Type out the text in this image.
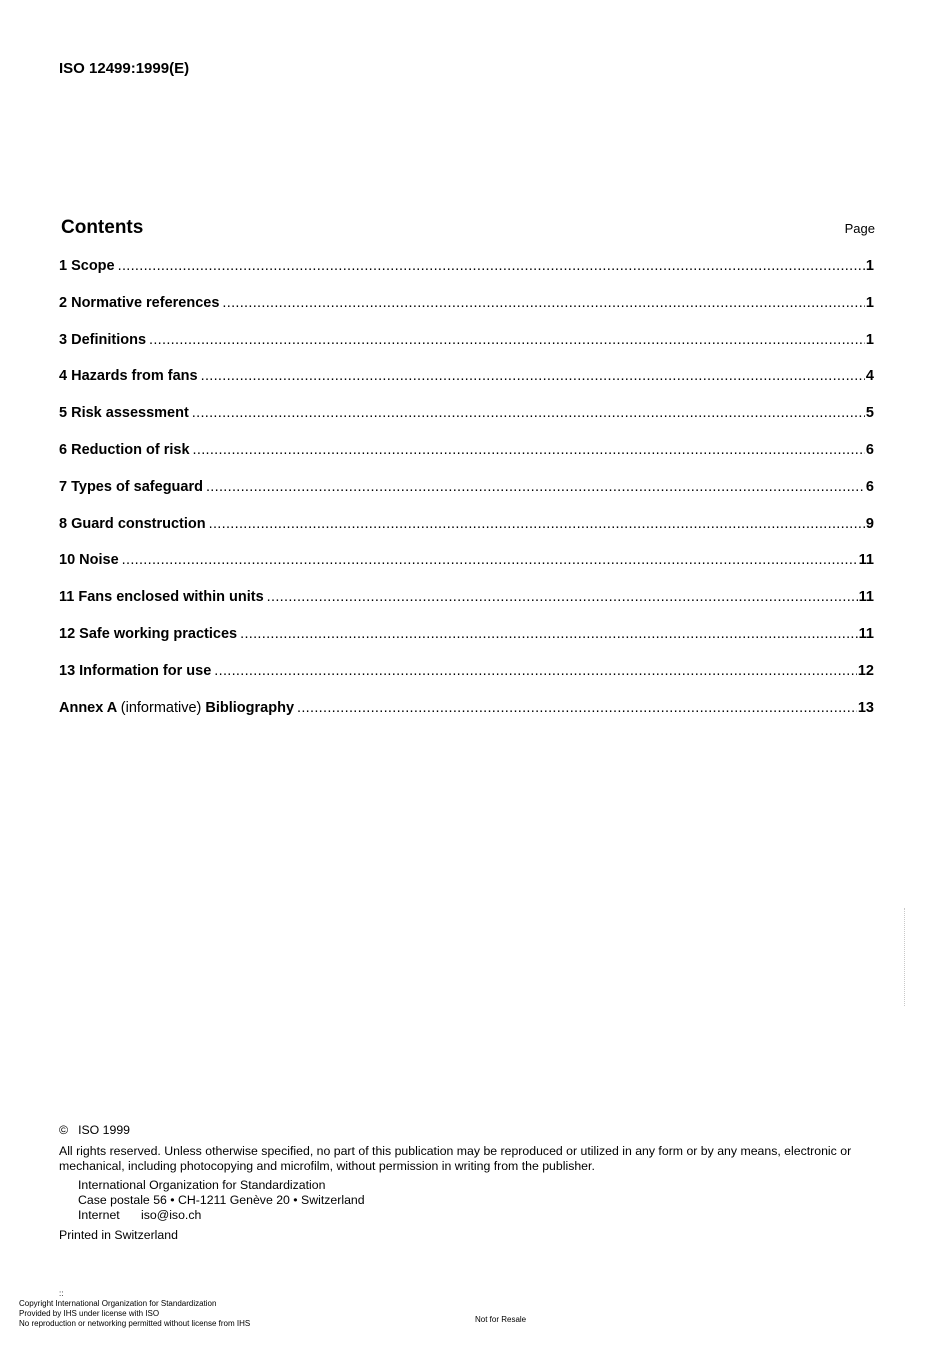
ISO 12499:1999(E)
Contents	Page
1 Scope .....	1
2 Normative references .....	1
3 Definitions .....	1
4 Hazards from fans .....	4
5 Risk assessment .....	5
6 Reduction of risk .....	6
7 Types of safeguard .....	6
8 Guard construction .....	9
10 Noise .....	11
11 Fans enclosed within units .....	11
12 Safe working practices .....	11
13 Information for use .....	12
Annex A (informative) Bibliography .....	13

© ISO 1999

All rights reserved. Unless otherwise specified, no part of this publication may be reproduced or utilized in any form or by any means, electronic or mechanical, including photocopying and microfilm, without permission in writing from the publisher.

International Organization for Standardization

Case postale 56 • CH-1211 Genève 20 • Switzerland

Internet iso@iso.ch

Printed in Switzerland

::

Copyright International Organization for Standardization

Provided by IHS under license with ISO

No reproduction or networking permitted without license from IHS	Not for Resale
